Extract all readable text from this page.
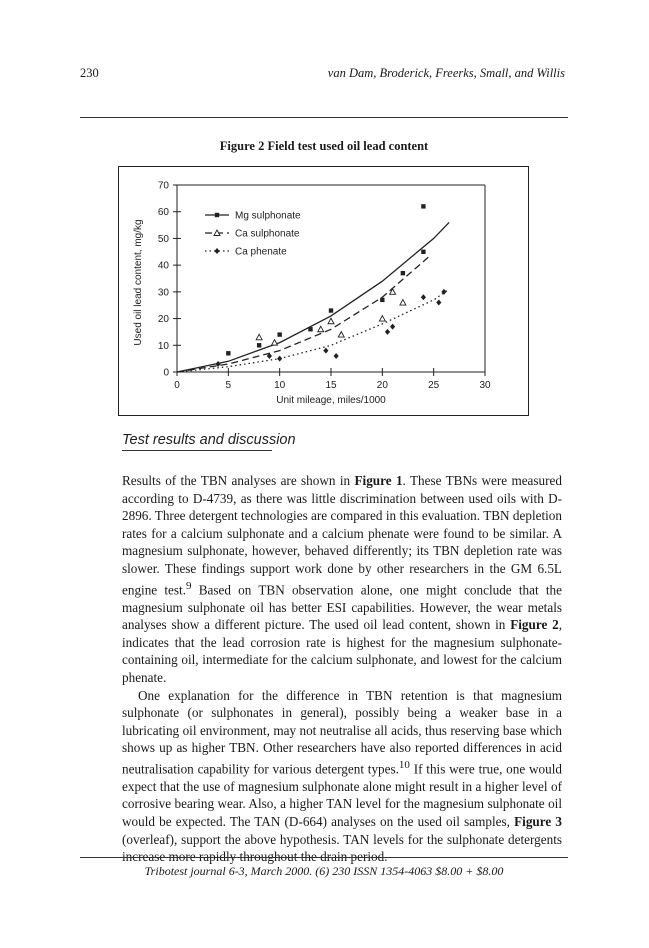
230	van Dam, Broderick, Freerks, Small, and Willis
Figure 2 Field test used oil lead content
0
10
20
30
40
50
60
70
0	5	10	15	20	25	30
Mg sulphonate
Ca sulphonate
Ca phenate
Used oil lead content, mg/kg
Unit mileage, miles/1000
Test results and discussion

Results of the TBN analyses are shown in Figure 1. These TBNs were measured according to D-4739, as there was little discrimination between used oils with D-2896. Three detergent technologies are compared in this evaluation. TBN depletion rates for a calcium sulphonate and a calcium phenate were found to be similar. A magnesium sulphonate, however, behaved differently; its TBN depletion rate was slower. These findings support work done by other researchers in the GM 6.5L engine test.$^9$ Based on TBN observation alone, one might conclude that the magnesium sulphonate oil has better ESI capabilities. However, the wear metals analyses show a different picture. The used oil lead content, shown in Figure 2, indicates that the lead corrosion rate is highest for the magnesium sulphonate-containing oil, intermediate for the calcium sulphonate, and lowest for the calcium phenate.

One explanation for the difference in TBN retention is that magnesium sulphonate (or sulphonates in general), possibly being a weaker base in a lubricating oil environment, may not neutralise all acids, thus reserving base which shows up as higher TBN. Other researchers have also reported differences in acid neutralisation capability for various detergent types.$^{10}$ If this were true, one would expect that the use of magnesium sulphonate alone might result in a higher level of corrosive bearing wear. Also, a higher TAN level for the magnesium sulphonate oil would be expected. The TAN (D-664) analyses on the used oil samples, Figure 3 (overleaf), support the above hypothesis. TAN levels for the sulphonate detergents increase more rapidly throughout the drain period.

Tribotest journal 6-3, March 2000. (6) 230 ISSN 1354-4063 $8.00 + $8.00
